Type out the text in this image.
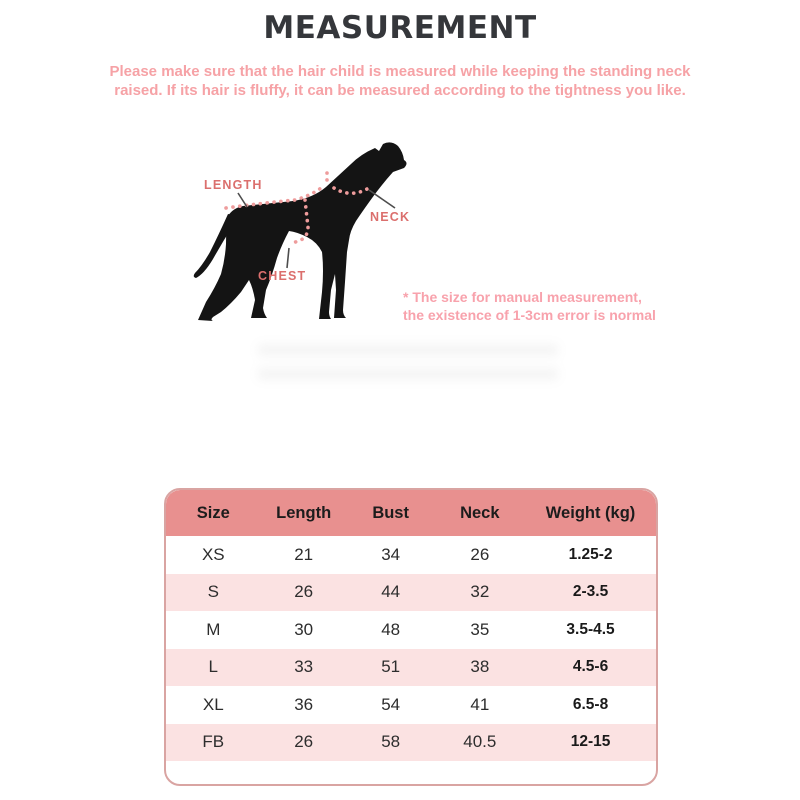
MEASUREMENT
Please make sure that the hair child is measured while keeping the standing neck
raised. If its hair is fluffy, it can be measured according to the tightness you like.
LENGTH
NECK
CHEST
* The size for manual measurement,
the existence of 1-3cm error is normal
Size	Length	Bust	Neck	Weight (kg)
XS	21	34	26	1.25-2
S	26	44	32	2-3.5
M	30	48	35	3.5-4.5
L	33	51	38	4.5-6
XL	36	54	41	6.5-8
FB	26	58	40.5	12-15
